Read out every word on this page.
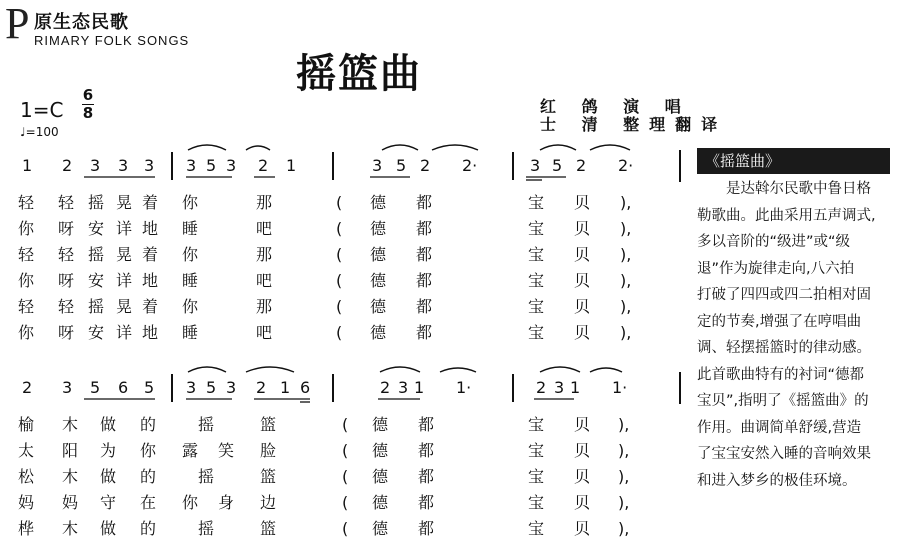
P 原生态民歌
RIMARY FOLK SONGS
摇篮曲
1=C
6
8
♩=100
红 鸽 演 唱
士 清 整理翻译
1 2 3 3 3 3 5 3 2 1	3 5 2 2·	3 5 2 2·
轻 轻 摇 晃 着 你	那	( 德 都	宝 贝 ),
你 呀 安 详 地 睡	吧	( 德 都	宝 贝 ),
轻 轻 摇 晃 着 你	那	( 德 都	宝 贝 ),
你 呀 安 详 地 睡	吧	( 德 都	宝 贝 ),
轻 轻 摇 晃 着 你	那	( 德 都	宝 贝 ),
你 呀 安 详 地 睡	吧	( 德 都	宝 贝 ),
2 3 5 6 5 3 5 3 2 1 6	2 3 1 1·	2 3 1 1·
榆 木 做 的	摇	篮	( 德 都	宝 贝 ),
太 阳 为 你 露 笑 脸	( 德 都	宝 贝 ),
松 木 做 的	摇	篮	( 德 都	宝 贝 ),
妈 妈 守 在 你 身 边	( 德 都	宝 贝 ),
桦 木 做 的	摇	篮	( 德 都	宝 贝 ),
《摇篮曲》
是达斡尔民歌中鲁日格
勒歌曲。此曲采用五声调式,
多以音阶的“级进”或“级
退”作为旋律走向,八六拍
打破了四四或四二拍相对固
定的节奏,增强了在哼唱曲
调、轻摆摇篮时的律动感。
此首歌曲特有的衬词“德都
宝贝”,指明了《摇篮曲》的
作用。曲调简单舒缓,营造
了宝宝安然入睡的音响效果
和进入梦乡的极佳环境。
